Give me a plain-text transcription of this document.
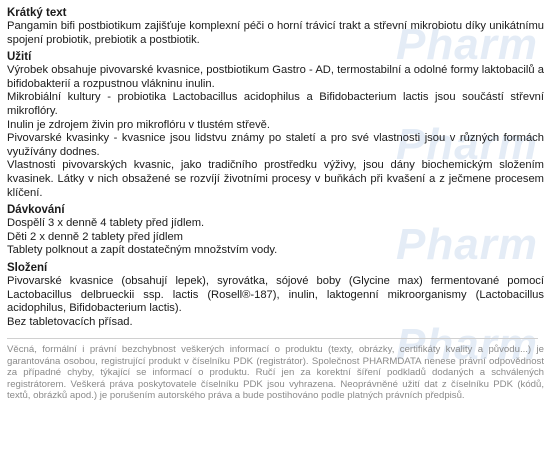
Pharm
Pharm
Pharm
Pharm
Krátký text

Pangamin bifi postbiotikum zajišťuje komplexní péči o horní trávicí trakt a střevní mikrobiotu díky unikátnímu spojení probiotik, prebiotik a postbiotik.

Užití

Výrobek obsahuje pivovarské kvasnice, postbiotikum Gastro - AD, termostabilní a odolné formy laktobacilů a bifidobakterií a rozpustnou vlákninu inulin.

Mikrobiální kultury - probiotika Lactobacillus acidophilus a Bifidobacterium lactis jsou součástí střevní mikroflóry.

Inulin je zdrojem živin pro mikroflóru v tlustém střevě.

Pivovarské kvasinky - kvasnice jsou lidstvu známy po staletí a pro své vlastnosti jsou v různých formách využívány dodnes.

Vlastnosti pivovarských kvasnic, jako tradičního prostředku výživy, jsou dány biochemickým složením kvasinek. Látky v nich obsažené se rozvíjí životními procesy v buňkách při kvašení a z ječmene procesem klíčení.

Dávkování

Dospělí 3 x denně 4 tablety před jídlem.

Děti 2 x denně 2 tablety před jídlem

Tablety polknout a zapít dostatečným množstvím vody.

Složení

Pivovarské kvasnice (obsahují lepek), syrovátka, sójové boby (Glycine max) fermentované pomocí Lactobacillus delbrueckii ssp. lactis (Rosell®-187), inulin, laktogenní mikroorganismy (Lactobacillus acidophilus, Bifidobacterium lactis).

Bez tabletovacích přísad.

Věcná, formální i právní bezchybnost veškerých informací o produktu (texty, obrázky, certifikáty kvality a původu...) je garantována osobou, registrující produkt v číselníku PDK (registrátor). Společnost PHARMDATA nenese právní odpovědnost za případné chyby, týkající se informací o produktu. Ručí jen za korektní šíření podkladů dodaných a schválených registrátorem. Veškerá práva poskytovatele číselníku PDK jsou vyhrazena. Neoprávněné užití dat z číselníku PDK (kódů, textů, obrázků apod.) je porušením autorského práva a bude postihováno podle platných právních předpisů.
